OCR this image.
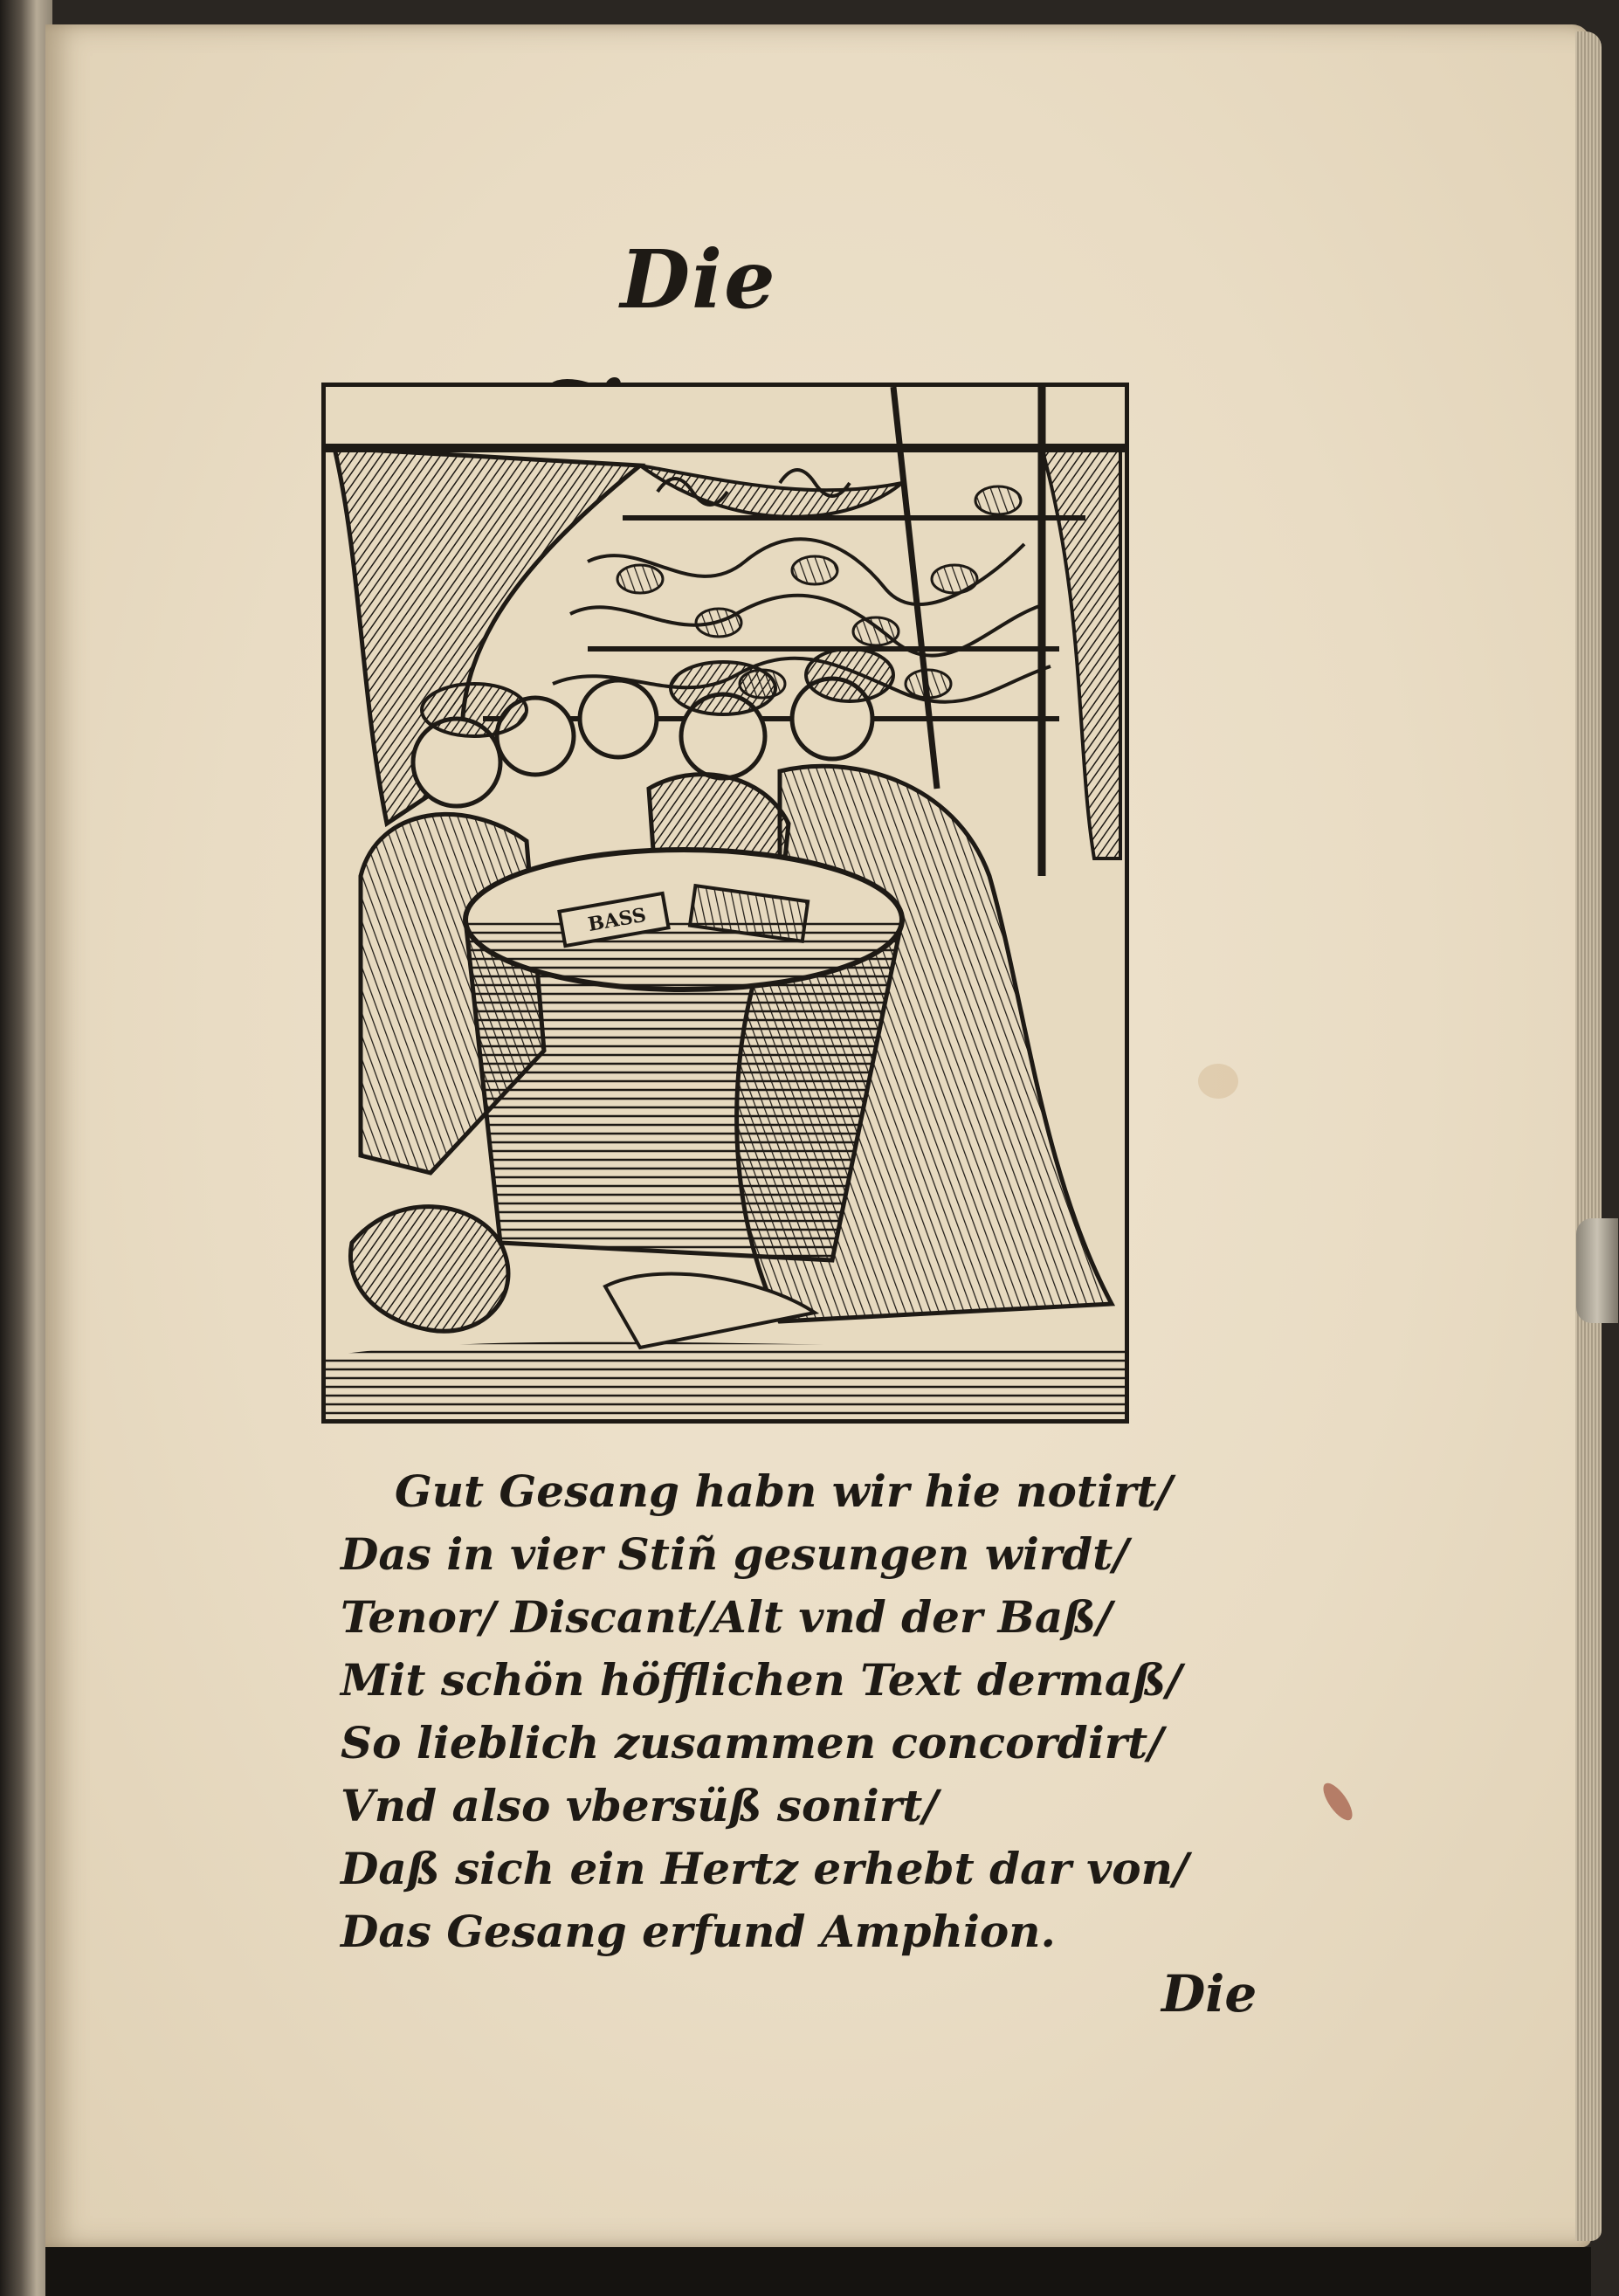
Die
BASS
Gut Gesang habn wir hie notirt/
Das in vier Stiñ gesungen wirdt/
Tenor/ Discant/Alt vnd der Baß/
Mit schön höfflichen Text dermaß/
So lieblich zusammen concordirt/
Vnd also vbersüß sonirt/
Daß sich ein Hertz erhebt dar von/
Das Gesang erfund Amphion.

Die
